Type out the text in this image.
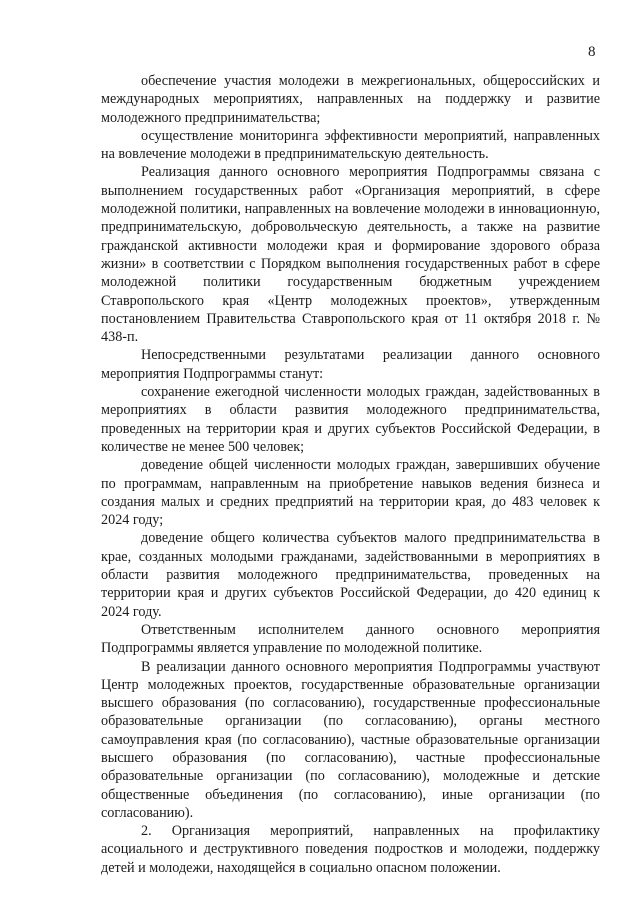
8

обеспечение участия молодежи в межрегиональных, общероссийских и международных мероприятиях, направленных на поддержку и развитие молодежного предпринимательства;

осуществление мониторинга эффективности мероприятий, направленных на вовлечение молодежи в предпринимательскую деятельность.

Реализация данного основного мероприятия Подпрограммы связана с выполнением государственных работ «Организация мероприятий, в сфере молодежной политики, направленных на вовлечение молодежи в инновационную, предпринимательскую, добровольческую деятельность, а также на развитие гражданской активности молодежи края и формирование здорового образа жизни» в соответствии с Порядком выполнения государственных работ в сфере молодежной политики государственным бюджетным учреждением Ставропольского края «Центр молодежных проектов», утвержденным постановлением Правительства Ставропольского края от 11 октября 2018 г. № 438-п.

Непосредственными результатами реализации данного основного мероприятия Подпрограммы станут:

сохранение ежегодной численности молодых граждан, задействованных в мероприятиях в области развития молодежного предпринимательства, проведенных на территории края и других субъектов Российской Федерации, в количестве не менее 500 человек;

доведение общей численности молодых граждан, завершивших обучение по программам, направленным на приобретение навыков ведения бизнеса и создания малых и средних предприятий на территории края, до 483 человек к 2024 году;

доведение общего количества субъектов малого предпринимательства в крае, созданных молодыми гражданами, задействованными в мероприятиях в области развития молодежного предпринимательства, проведенных на территории края и других субъектов Российской Федерации, до 420 единиц к 2024 году.

Ответственным исполнителем данного основного мероприятия Подпрограммы является управление по молодежной политике.

В реализации данного основного мероприятия Подпрограммы участвуют Центр молодежных проектов, государственные образовательные организации высшего образования (по согласованию), государственные профессиональные образовательные организации (по согласованию), органы местного самоуправления края (по согласованию), частные образовательные организации высшего образования (по согласованию), частные профессиональные образовательные организации (по согласованию), молодежные и детские общественные объединения (по согласованию), иные организации (по согласованию).

2. Организация мероприятий, направленных на профилактику асоциального и деструктивного поведения подростков и молодежи, поддержку детей и молодежи, находящейся в социально опасном положении.
